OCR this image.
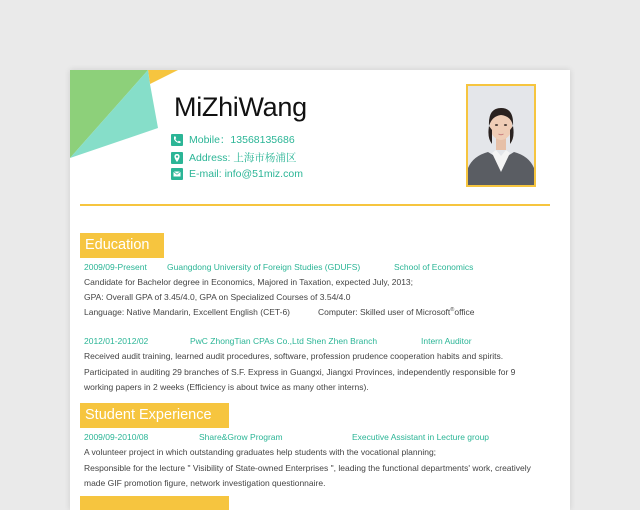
MiZhiWang
Mobile：13568135686
Address: 上海市杨浦区
E-mail: info@51miz.com
Education
2009/09-Present Guangdong University of Foreign Studies (GDUFS)	School of Economics
Candidate for Bachelor degree in Economics, Majored in Taxation, expected July, 2013;
GPA: Overall GPA of 3.45/4.0, GPA on Specialized Courses of 3.54/4.0
Language: Native Mandarin, Excellent English (CET-6)	Computer: Skilled user of Microsoft®office
2012/01-2012/02	PwC ZhongTian CPAs Co.,Ltd Shen Zhen Branch	Intern Auditor
Received audit training, learned audit procedures, software, profession prudence cooperation habits and spirits.
Participated in auditing 29 branches of S.F. Express in Guangxi, Jiangxi Provinces, independently responsible for 9
working papers in 2 weeks (Efficiency is about twice as many other interns).
Student Experience
2009/09-2010/08	Share&Grow Program	Executive Assistant in Lecture group
A volunteer project in which outstanding graduates help students with the vocational planning;
Responsible for the lecture " Visibility of State-owned Enterprises ", leading the functional departments' work, creatively
made GIF promotion figure, network investigation questionnaire.
